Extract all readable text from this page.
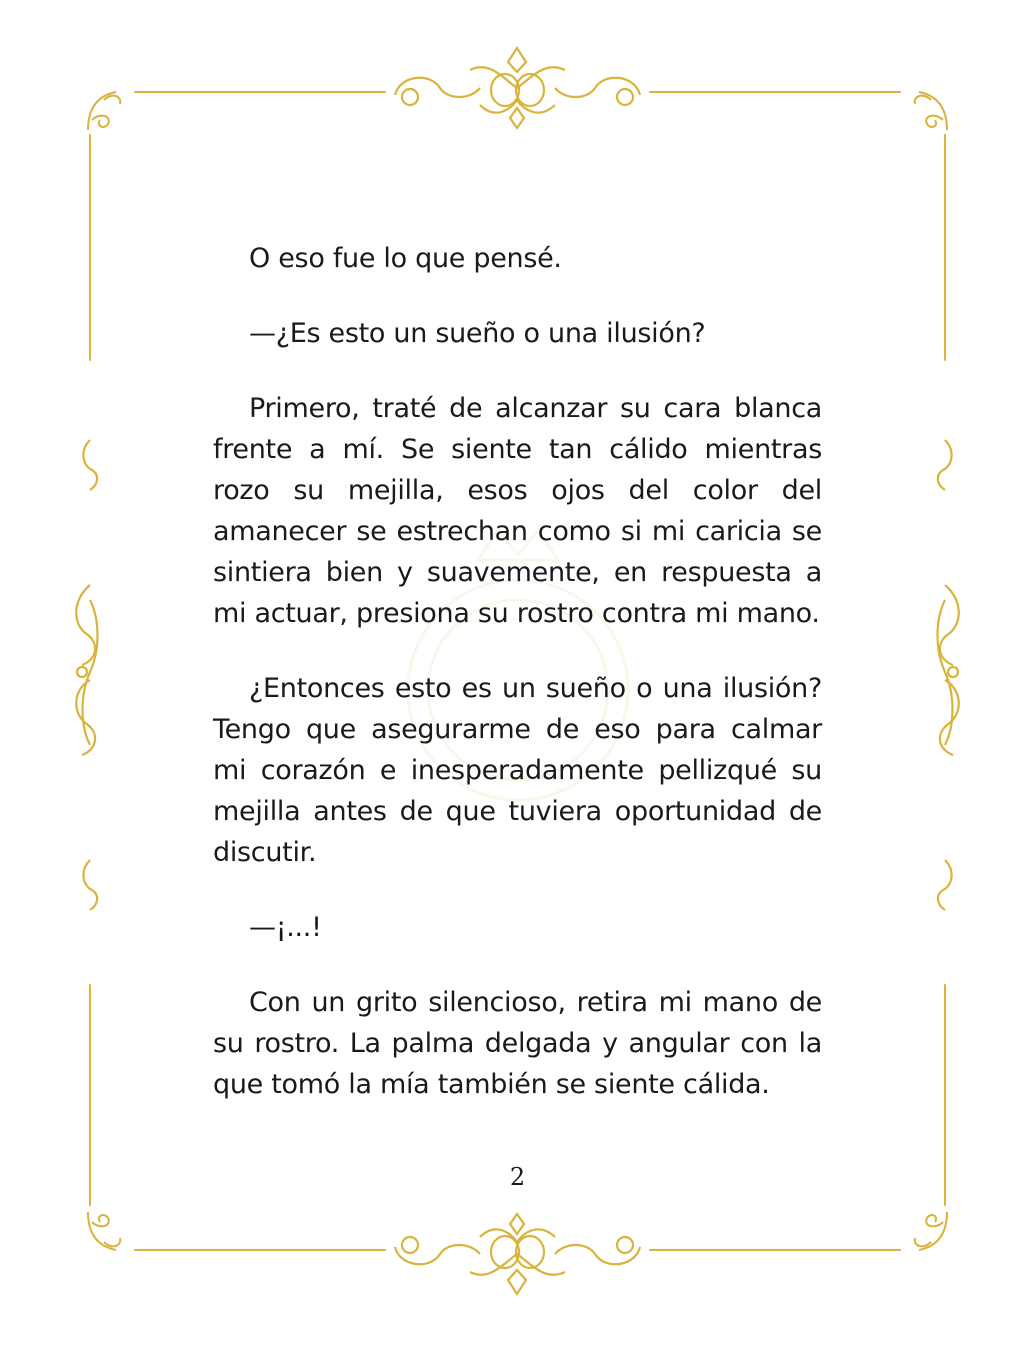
O eso fue lo que pensé.

—¿Es esto un sueño o una ilusión?

Primero, traté de alcanzar su cara blanca frente a mí. Se siente tan cálido mientras rozo su mejilla, esos ojos del color del amanecer se estrechan como si mi caricia se sintiera bien y suavemente, en respuesta a mi actuar, presiona su rostro contra mi mano.

¿Entonces esto es un sueño o una ilusión? Tengo que asegurarme de eso para calmar mi corazón e inesperadamente pellizqué su mejilla antes de que tuviera oportunidad de discutir.

—¡...!

Con un grito silencioso, retira mi mano de su rostro. La palma delgada y angular con la que tomó la mía también se siente cálida.

2
